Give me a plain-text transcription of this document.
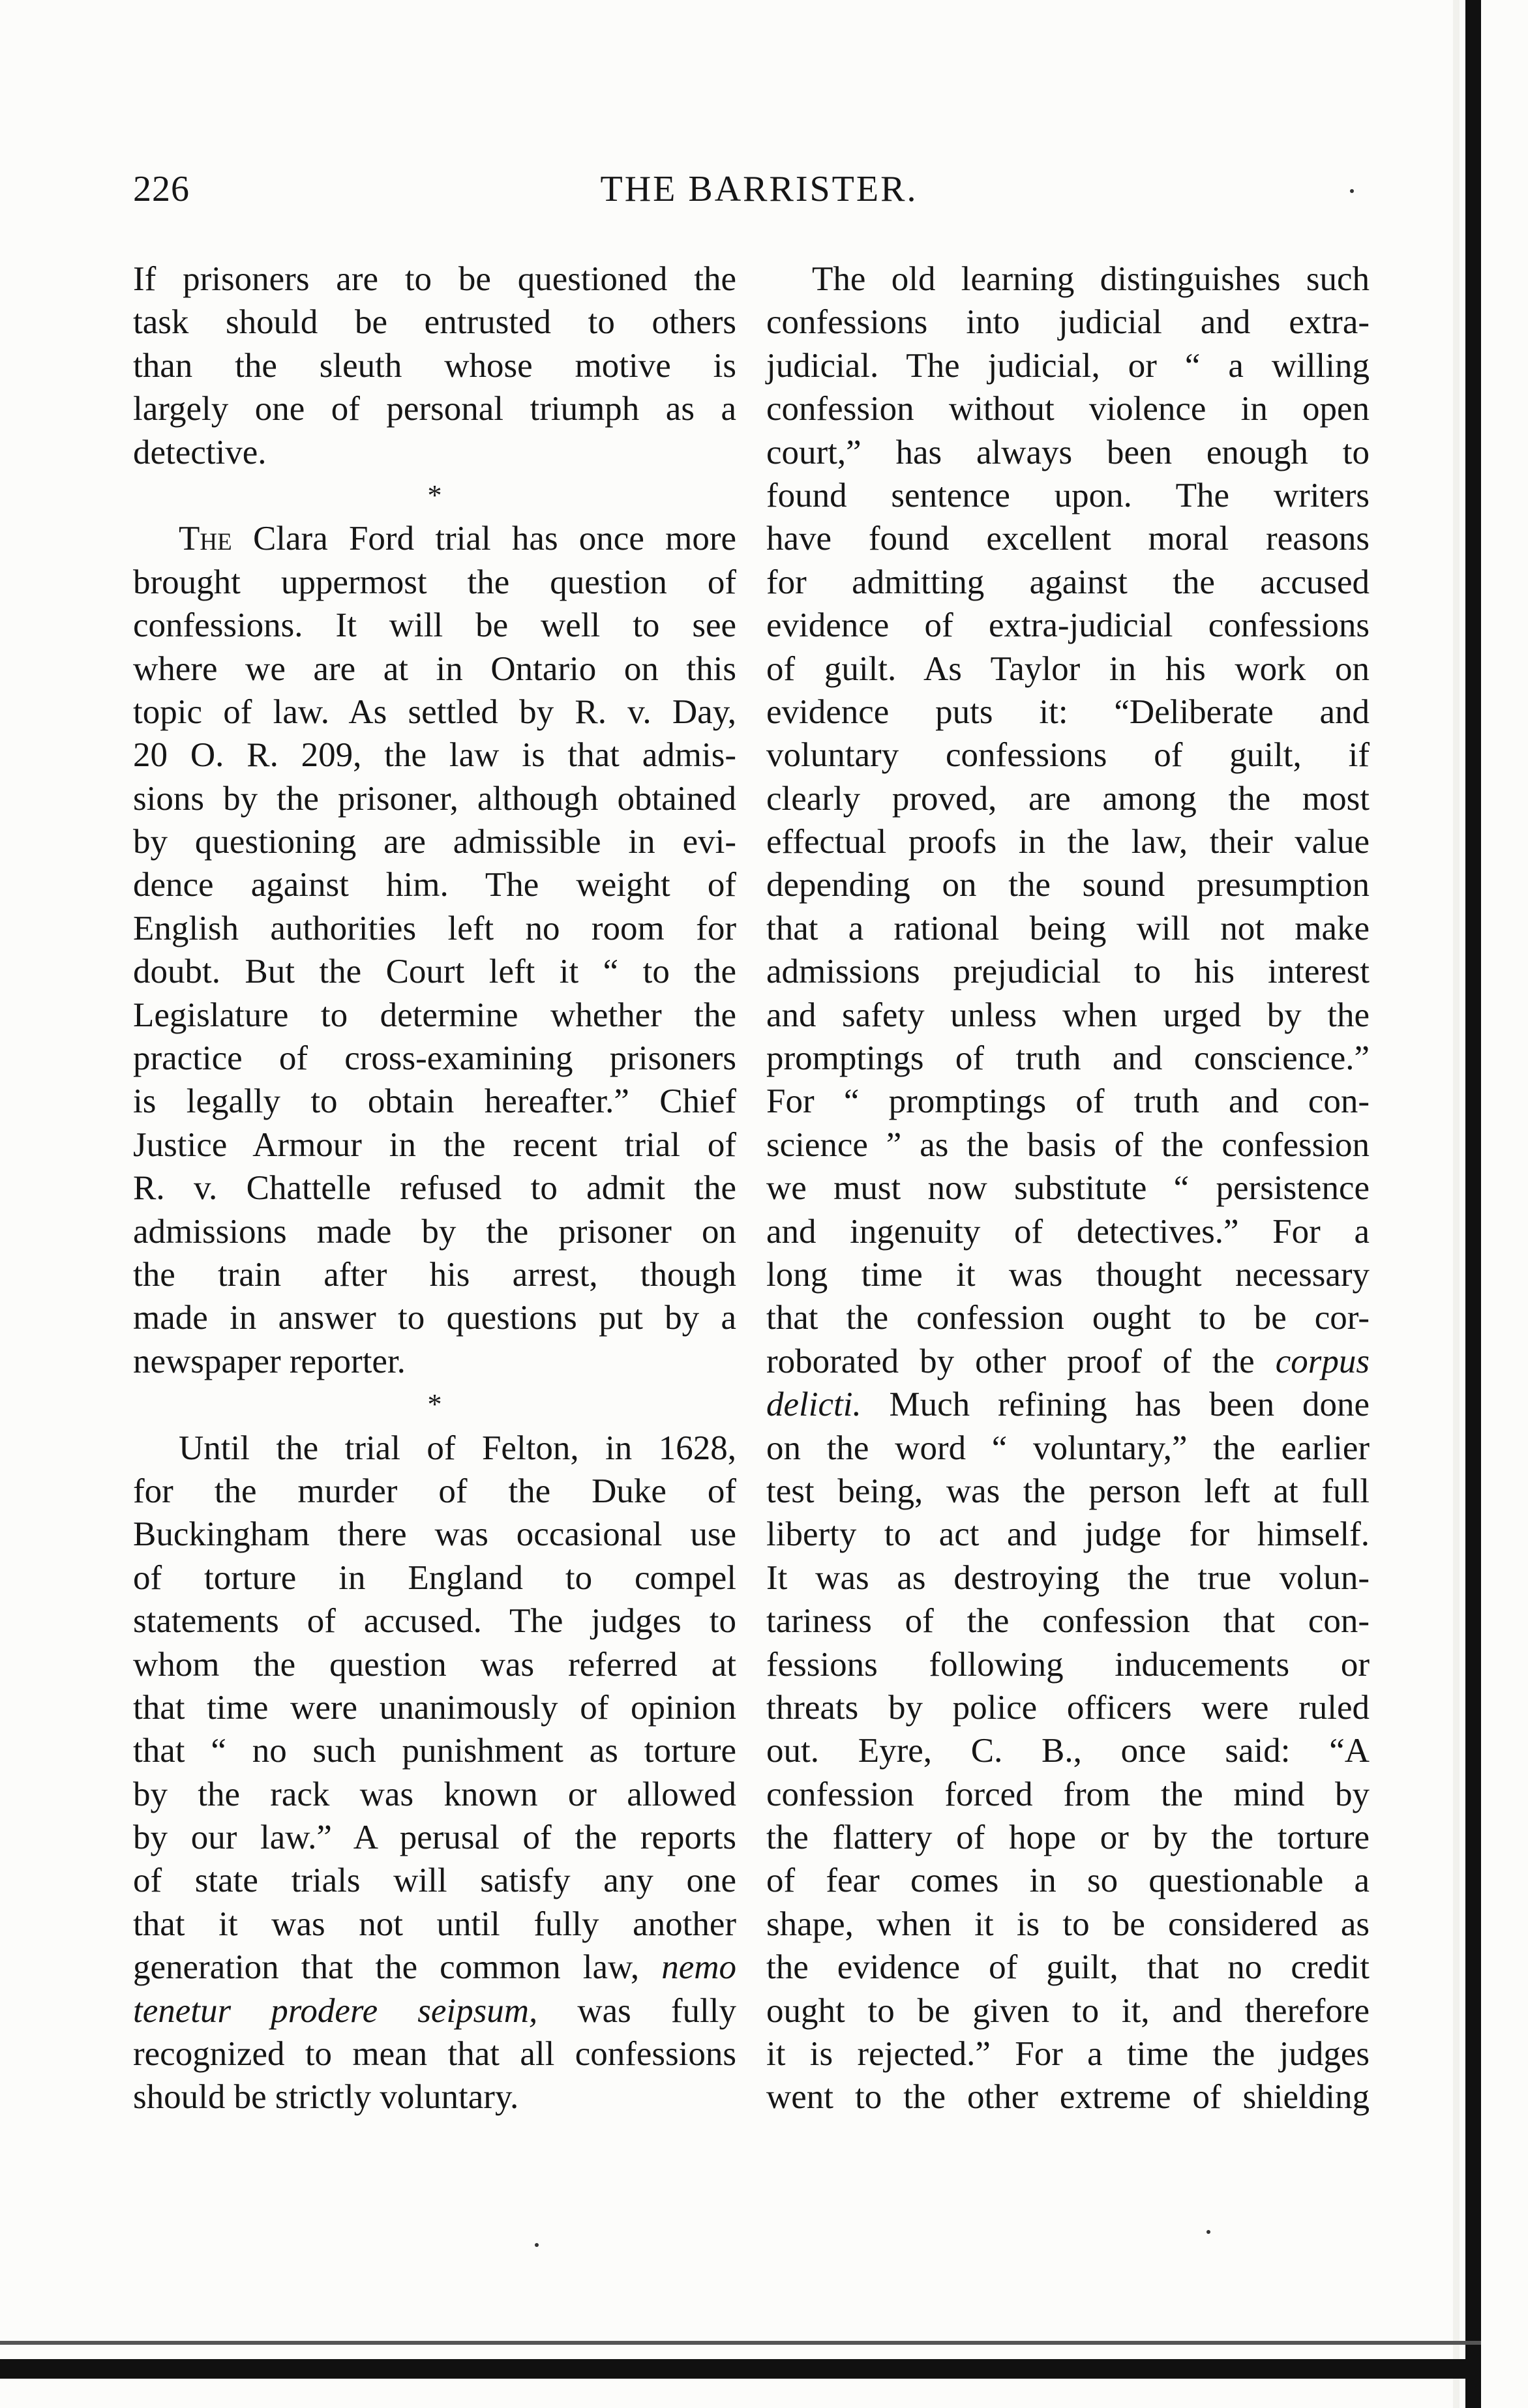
226	THE BARRISTER.
If prisoners are to be questioned the
task should be entrusted to others
than the sleuth whose motive is
largely one of personal triumph as a
detective.
*
The Clara Ford trial has once more
brought uppermost the question of
confessions. It will be well to see
where we are at in Ontario on this
topic of law. As settled by R. v. Day,
20 O. R. 209, the law is that admis-
sions by the prisoner, although obtained
by questioning are admissible in evi-
dence against him. The weight of
English authorities left no room for
doubt. But the Court left it “ to the
Legislature to determine whether the
practice of cross-examining prisoners
is legally to obtain hereafter.” Chief
Justice Armour in the recent trial of
R. v. Chattelle refused to admit the
admissions made by the prisoner on
the train after his arrest, though
made in answer to questions put by a
newspaper reporter.
*
Until the trial of Felton, in 1628,
for the murder of the Duke of
Buckingham there was occasional use
of torture in England to compel
statements of accused. The judges to
whom the question was referred at
that time were unanimously of opinion
that “ no such punishment as torture
by the rack was known or allowed
by our law.” A perusal of the reports
of state trials will satisfy any one
that it was not until fully another
generation that the common law, nemo
tenetur prodere seipsum, was fully
recognized to mean that all confessions
should be strictly voluntary.
The old learning distinguishes such
confessions into judicial and extra-
judicial. The judicial, or “ a willing
confession without violence in open
court,” has always been enough to
found sentence upon. The writers
have found excellent moral reasons
for admitting against the accused
evidence of extra-judicial confessions
of guilt. As Taylor in his work on
evidence puts it: “Deliberate and
voluntary confessions of guilt, if
clearly proved, are among the most
effectual proofs in the law, their value
depending on the sound presumption
that a rational being will not make
admissions prejudicial to his interest
and safety unless when urged by the
promptings of truth and conscience.”
For “ promptings of truth and con-
science ” as the basis of the confession
we must now substitute “ persistence
and ingenuity of detectives.” For a
long time it was thought necessary
that the confession ought to be cor-
roborated by other proof of the corpus
delicti. Much refining has been done
on the word “ voluntary,” the earlier
test being, was the person left at full
liberty to act and judge for himself.
It was as destroying the true volun-
tariness of the confession that con-
fessions following inducements or
threats by police officers were ruled
out. Eyre, C. B., once said: “A
confession forced from the mind by
the flattery of hope or by the torture
of fear comes in so questionable a
shape, when it is to be considered as
the evidence of guilt, that no credit
ought to be given to it, and therefore
it is rejected.” For a time the judges
went to the other extreme of shielding
